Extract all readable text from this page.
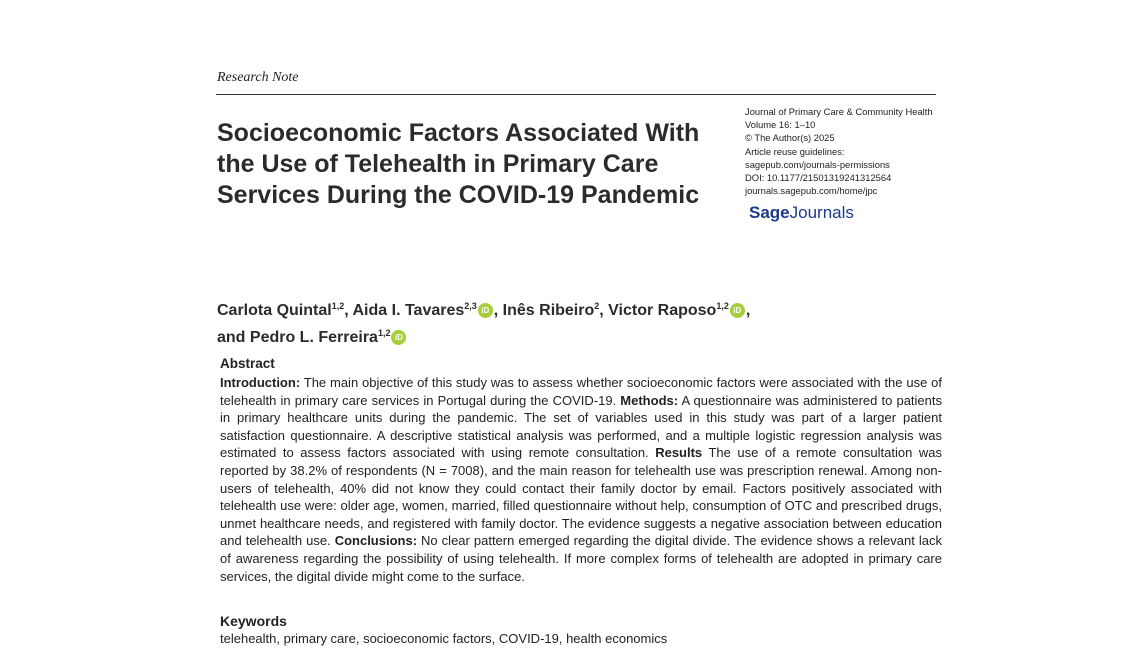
Research Note
Socioeconomic Factors Associated With the Use of Telehealth in Primary Care Services During the COVID-19 Pandemic
Journal of Primary Care & Community Health
Volume 16: 1–10
© The Author(s) 2025
Article reuse guidelines:
sagepub.com/journals-permissions
DOI: 10.1177/21501319241312564
journals.sagepub.com/home/jpc
SageJournals
Carlota Quintal$^{1,2}$, Aida I. Tavares$^{2,3}$ iD , Inês Ribeiro$^2$, Victor Raposo$^{1,2}$ iD ,
and Pedro L. Ferreira$^{1,2}$ iD
Abstract

Introduction: The main objective of this study was to assess whether socioeconomic factors were associated with the use of telehealth in primary care services in Portugal during the COVID-19. Methods: A questionnaire was administered to patients in primary healthcare units during the pandemic. The set of variables used in this study was part of a larger patient satisfaction questionnaire. A descriptive statistical analysis was performed, and a multiple logistic regression analysis was estimated to assess factors associated with using remote consultation. Results The use of a remote consultation was reported by 38.2% of respondents (N = 7008), and the main reason for telehealth use was prescription renewal. Among non-users of telehealth, 40% did not know they could contact their family doctor by email. Factors positively associated with telehealth use were: older age, women, married, filled questionnaire without help, consumption of OTC and prescribed drugs, unmet healthcare needs, and registered with family doctor. The evidence suggests a negative association between education and telehealth use. Conclusions: No clear pattern emerged regarding the digital divide. The evidence shows a relevant lack of awareness regarding the possibility of using telehealth. If more complex forms of telehealth are adopted in primary care services, the digital divide might come to the surface.

Keywords
telehealth, primary care, socioeconomic factors, COVID-19, health economics
